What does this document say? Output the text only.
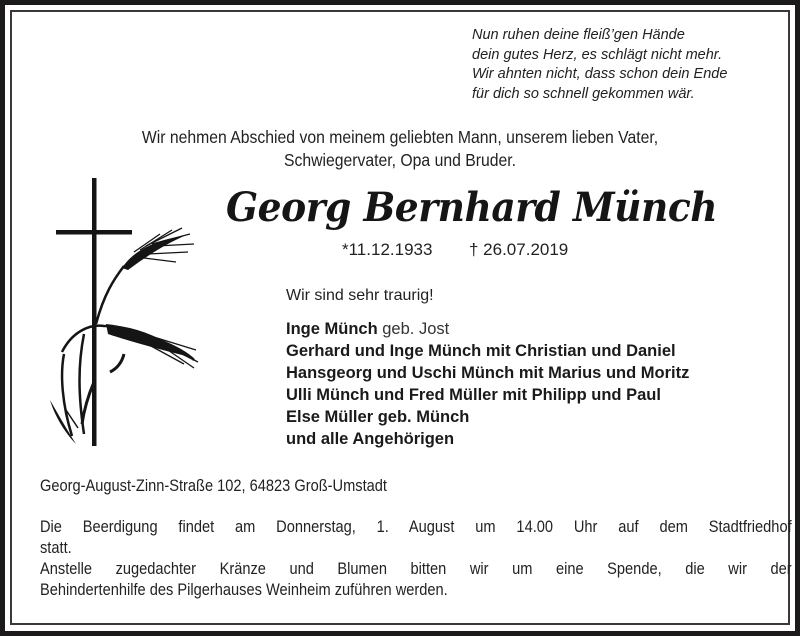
Nun ruhen deine fleiß’gen Hände
dein gutes Herz, es schlägt nicht mehr.
Wir ahnten nicht, dass schon dein Ende
für dich so schnell gekommen wär.
Wir nehmen Abschied von meinem geliebten Mann, unserem lieben Vater,
Schwiegervater, Opa und Bruder.
Georg Bernhard Münch
*11.12.1933 † 26.07.2019
Wir sind sehr traurig!
Inge Münch geb. Jost
Gerhard und Inge Münch mit Christian und Daniel
Hansgeorg und Uschi Münch mit Marius und Moritz
Ulli Münch und Fred Müller mit Philipp und Paul
Else Müller geb. Münch
und alle Angehörigen
Georg-August-Zinn-Straße 102, 64823 Groß-Umstadt
Die Beerdigung findet am Donnerstag, 1. August um 14.00 Uhr auf dem Stadtfriedhof
statt.
Anstelle zugedachter Kränze und Blumen bitten wir um eine Spende, die wir der
Behindertenhilfe des Pilgerhauses Weinheim zuführen werden.
